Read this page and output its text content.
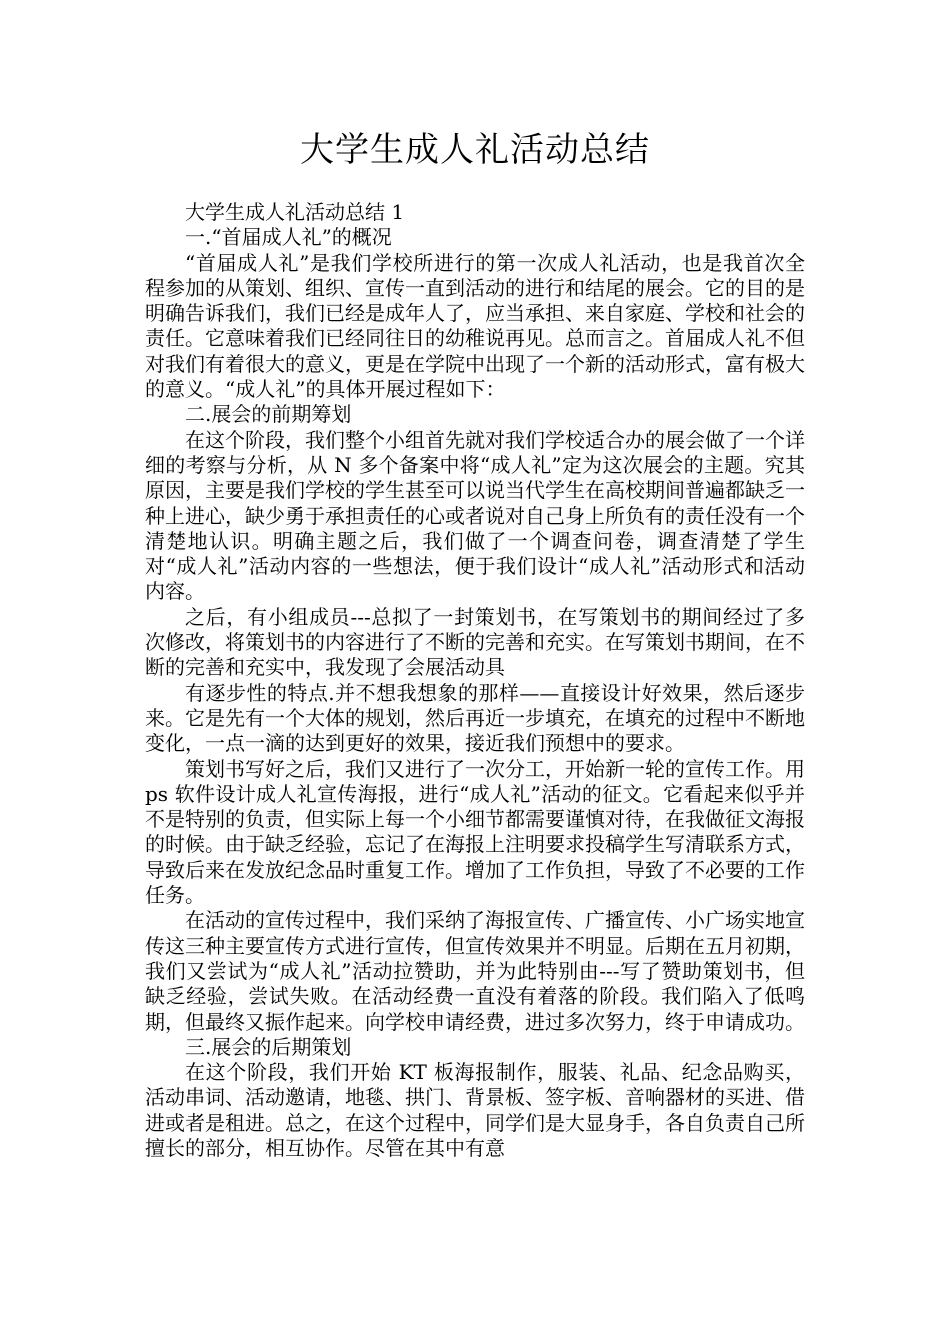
大学生成人礼活动总结

大学生成人礼活动总结 1

一.“首届成人礼”的概况

“首届成人礼”是我们学校所进行的第一次成人礼活动，也是我首次全程参加的从策划、组织、宣传一直到活动的进行和结尾的展会。它的目的是明确告诉我们，我们已经是成年人了，应当承担、来自家庭、学校和社会的责任。它意味着我们已经同往日的幼稚说再见。总而言之。首届成人礼不但对我们有着很大的意义，更是在学院中出现了一个新的活动形式，富有极大的意义。“成人礼”的具体开展过程如下：

二.展会的前期筹划

在这个阶段，我们整个小组首先就对我们学校适合办的展会做了一个详细的考察与分析，从 N 多个备案中将“成人礼”定为这次展会的主题。究其原因，主要是我们学校的学生甚至可以说当代学生在高校期间普遍都缺乏一种上进心，缺少勇于承担责任的心或者说对自己身上所负有的责任没有一个清楚地认识。明确主题之后，我们做了一个调查问卷，调查清楚了学生对“成人礼”活动内容的一些想法，便于我们设计“成人礼”活动形式和活动内容。

之后，有小组成员---总拟了一封策划书，在写策划书的期间经过了多次修改，将策划书的内容进行了不断的完善和充实。在写策划书期间，在不断的完善和充实中，我发现了会展活动具

有逐步性的特点.并不想我想象的那样——直接设计好效果，然后逐步来。它是先有一个大体的规划，然后再近一步填充，在填充的过程中不断地变化，一点一滴的达到更好的效果，接近我们预想中的要求。

策划书写好之后，我们又进行了一次分工，开始新一轮的宣传工作。用 ps 软件设计成人礼宣传海报，进行“成人礼”活动的征文。它看起来似乎并不是特别的负责，但实际上每一个小细节都需要谨慎对待，在我做征文海报的时候。由于缺乏经验，忘记了在海报上注明要求投稿学生写清联系方式，导致后来在发放纪念品时重复工作。增加了工作负担，导致了不必要的工作任务。

在活动的宣传过程中，我们采纳了海报宣传、广播宣传、小广场实地宣传这三种主要宣传方式进行宣传，但宣传效果并不明显。后期在五月初期，我们又尝试为“成人礼”活动拉赞助，并为此特别由---写了赞助策划书，但缺乏经验，尝试失败。在活动经费一直没有着落的阶段。我们陷入了低鸣期，但最终又振作起来。向学校申请经费，进过多次努力，终于申请成功。

三.展会的后期策划

在这个阶段，我们开始 KT 板海报制作，服装、礼品、纪念品购买，活动串词、活动邀请，地毯、拱门、背景板、签字板、音响器材的买进、借进或者是租进。总之，在这个过程中，同学们是大显身手，各自负责自己所擅长的部分，相互协作。尽管在其中有意
